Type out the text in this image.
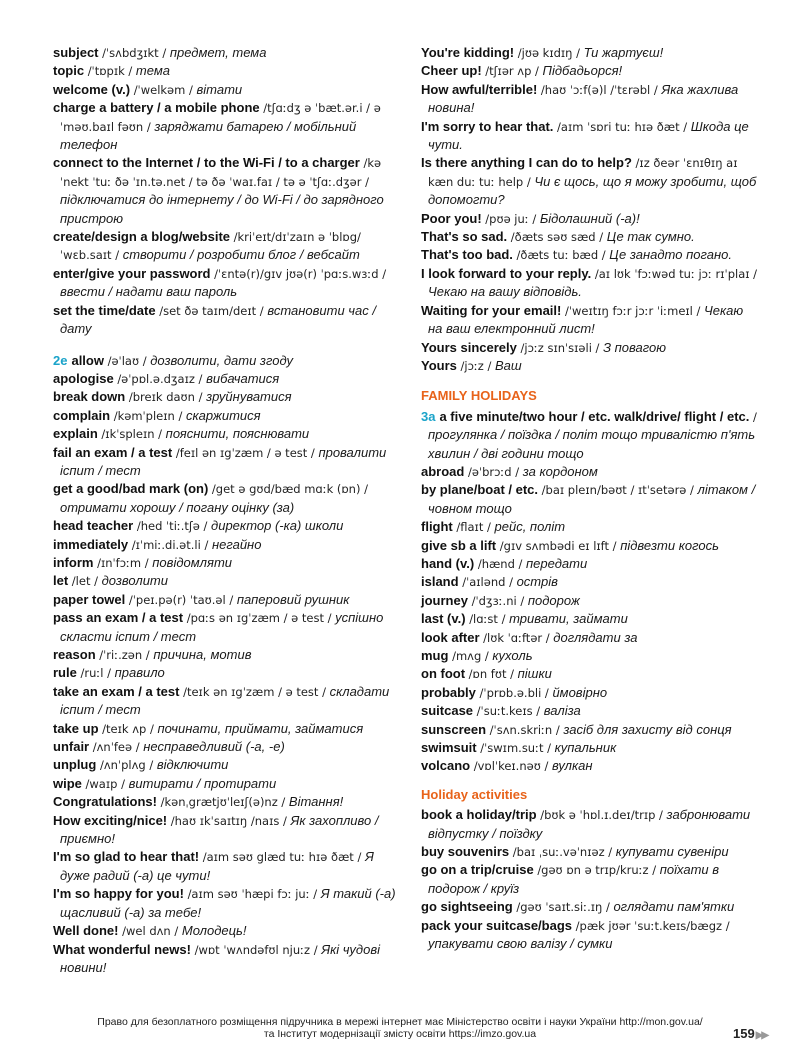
subject /ˈsʌbdʒɪkt / предмет, тема
topic /ˈtɒpɪk / тема
welcome (v.) /ˈwelkəm / вітати
charge a battery / a mobile phone /tʃɑːdʒ ə ˈbæt.ər.i / ə ˈməʊ.baɪl fəʊn / заряджати батарею / мобільний телефон
connect to the Internet / to the Wi-Fi / to a charger /kəˈnekt ˈtuː ðə ˈɪn.tə.net / tə ðə ˈwaɪ.faɪ / tə ə ˈtʃɑː.dʒər / підключатися до інтернету / до Wi-Fi / до зарядного пристрою
create/design a blog/website /kriˈeɪt/dɪˈzaɪn ə ˈblɒg/ ˈwɛb.saɪt / створити / розробити блог / вебсайт
enter/give your password /ˈɛntə(r)/gɪv jʊə(r) ˈpɑːs.wɜːd / ввести / надати ваш пароль
set the time/date /set ðə taɪm/deɪt / встановити час / дату
2e allow /əˈlaʊ / дозволити, дати згоду
apologise /əˈpɒl.ə.dʒaɪz / вибачатися
break down /breɪk daʊn / зруйнуватися
complain /kəmˈpleɪn / скаржитися
explain /ɪkˈspleɪn / пояснити, пояснювати
fail an exam / a test /feɪl ən ɪgˈzæm / ə test / провалити іспит / тест
get a good/bad mark (on) /get ə gʊd/bæd mɑːk (ɒn) / отримати хорошу / погану оцінку (за)
head teacher /hed ˈtiː.tʃə / директор (-ка) школи
immediately /ɪˈmiː.di.ət.li / негайно
inform /ɪnˈfɔːm / повідомляти
let /let / дозволити
paper towel /ˈpeɪ.pə(r) ˈtaʊ.əl / паперовий рушник
pass an exam / a test /pɑːs ən ɪgˈzæm / ə test / успішно скласти іспит / тест
reason /ˈriː.zən / причина, мотив
rule /ruːl / правило
take an exam / a test /teɪk ən ɪgˈzæm / ə test / складати іспит / тест
take up /teɪk ʌp / починати, приймати, займатися
unfair /ʌnˈfeə / несправедливий (-а, -е)
unplug /ʌnˈplʌg / відключити
wipe /waɪp / витирати / протирати
Congratulations! /kənˌgrætjʊˈleɪʃ(ə)nz / Вітання!
How exciting/nice! /haʊ ɪkˈsaɪtɪŋ /naɪs / Як захопливо / приємно!
I'm so glad to hear that! /aɪm səʊ glæd tuː hɪə ðæt / Я дуже радий (-а) це чути!
I'm so happy for you! /aɪm səʊ ˈhæpi fɔː juː / Я такий (-а) щасливий (-а) за тебе!
Well done! /wel dʌn / Молодець!
What wonderful news! /wɒt ˈwʌndəfʊl njuːz / Які чудові новини!
You're kidding! /jʊə kɪdɪŋ / Ти жартуєш!
Cheer up! /tʃɪər ʌp / Підбадьорся!
How awful/terrible! /haʊ ˈɔːf(ə)l /ˈtɛrəbl / Яка жахлива новина!
I'm sorry to hear that. /aɪm ˈsɒri tuː hɪə ðæt / Шкода це чути.
Is there anything I can do to help? /ɪz ðeər ˈɛnɪθɪŋ aɪ kæn duː tuː help / Чи є щось, що я можу зробити, щоб допомогти?
Poor you! /pʊə juː / Бідолашний (-а)!
That's so sad. /ðæts səʊ sæd / Це так сумно.
That's too bad. /ðæts tuː bæd / Це занадто погано.
I look forward to your reply. /aɪ lʊk ˈfɔːwəd tuː jɔː rɪˈplaɪ / Чекаю на вашу відповідь.
Waiting for your email! /ˈweɪtɪŋ fɔːr jɔːr ˈiːmeɪl / Чекаю на ваш електронний лист!
Yours sincerely /jɔːz sɪnˈsɪəli / З повагою
Yours /jɔːz / Ваш
FAMILY HOLIDAYS
3a a five minute/two hour / etc. walk/drive/ flight / etc. / прогулянка / поїздка / політ тощо тривалістю п'ять хвилин / дві години тощо
abroad /əˈbrɔːd / за кордоном
by plane/boat / etc. /baɪ pleɪn/bəʊt / ɪtˈsetərə / літаком / човном тощо
flight /flaɪt / рейс, політ
give sb a lift /gɪv sʌmbədi eɪ lɪft / підвезти когось
hand (v.) /hænd / передати
island /ˈaɪlənd / острів
journey /ˈdʒɜː.ni / подорож
last (v.) /lɑːst / тривати, займати
look after /lʊk ˈɑːftər / доглядати за
mug /mʌg / кухоль
on foot /ɒn fʊt / пішки
probably /ˈprɒb.ə.bli / ймовірно
suitcase /ˈsuːt.keɪs / валіза
sunscreen /ˈsʌn.skriːn / засіб для захисту від сонця
swimsuit /ˈswɪm.suːt / купальник
volcano /vɒlˈkeɪ.nəʊ / вулкан
Holiday activities
book a holiday/trip /bʊk ə ˈhɒl.ɪ.deɪ/trɪp / забронювати відпустку / поїздку
buy souvenirs /baɪ ˌsuː.vəˈnɪəz / купувати сувеніри
go on a trip/cruise /gəʊ ɒn ə trɪp/kruːz / поїхати в подорож / круїз
go sightseeing /gəʊ ˈsaɪt.siː.ɪŋ / оглядати пам'ятки
pack your suitcase/bags /pæk jʊər ˈsuːt.keɪs/bægz / упакувати свою валізу / сумки
159▶▶
Право для безоплатного розміщення підручника в мережі інтернет має Міністерство освіти і науки України http://mon.gov.ua/
та Інститут модернізації змісту освіти https://imzo.gov.ua
